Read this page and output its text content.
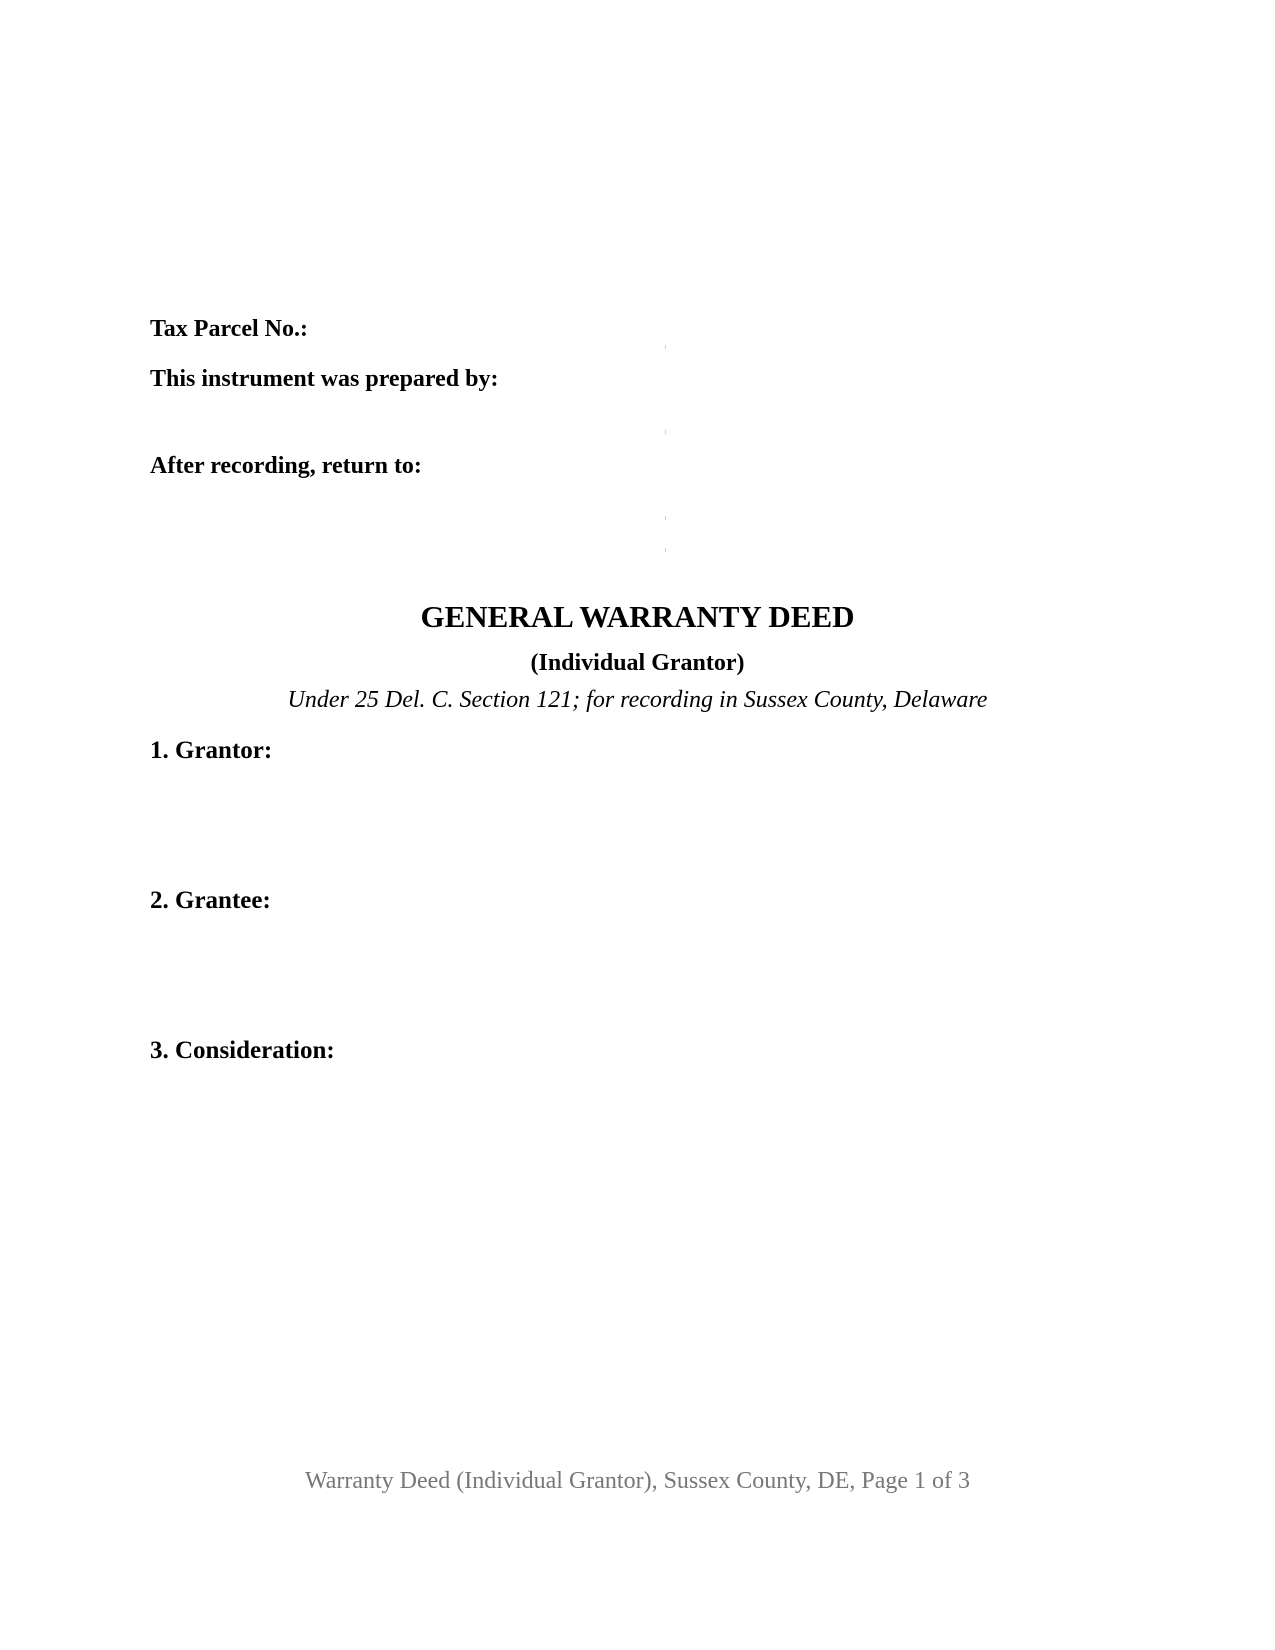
Tax Parcel No.:
This instrument was prepared by:
After recording, return to:
GENERAL WARRANTY DEED
(Individual Grantor)
Under 25 Del. C. Section 121; for recording in Sussex County, Delaware
1. Grantor:
2. Grantee:
3. Consideration:
Warranty Deed (Individual Grantor), Sussex County, DE, Page 1 of 3
